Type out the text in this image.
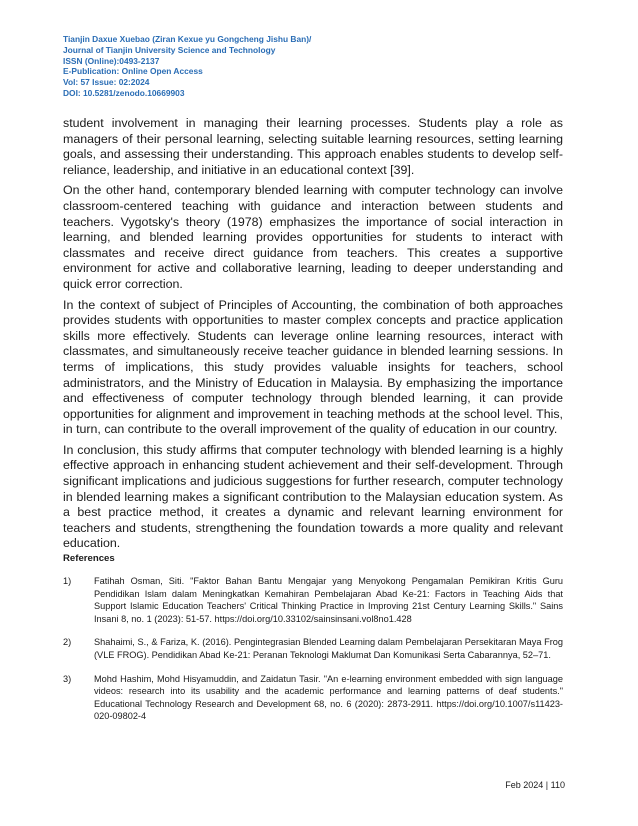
Tianjin Daxue Xuebao (Ziran Kexue yu Gongcheng Jishu Ban)/
Journal of Tianjin University Science and Technology
ISSN (Online):0493-2137
E-Publication: Online Open Access
Vol: 57 Issue: 02:2024
DOI: 10.5281/zenodo.10669903

student involvement in managing their learning processes. Students play a role as managers of their personal learning, selecting suitable learning resources, setting learning goals, and assessing their understanding. This approach enables students to develop self-reliance, leadership, and initiative in an educational context [39].

On the other hand, contemporary blended learning with computer technology can involve classroom-centered teaching with guidance and interaction between students and teachers. Vygotsky's theory (1978) emphasizes the importance of social interaction in learning, and blended learning provides opportunities for students to interact with classmates and receive direct guidance from teachers. This creates a supportive environment for active and collaborative learning, leading to deeper understanding and quick error correction.

In the context of subject of Principles of Accounting, the combination of both approaches provides students with opportunities to master complex concepts and practice application skills more effectively. Students can leverage online learning resources, interact with classmates, and simultaneously receive teacher guidance in blended learning sessions. In terms of implications, this study provides valuable insights for teachers, school administrators, and the Ministry of Education in Malaysia. By emphasizing the importance and effectiveness of computer technology through blended learning, it can provide opportunities for alignment and improvement in teaching methods at the school level. This, in turn, can contribute to the overall improvement of the quality of education in our country.

In conclusion, this study affirms that computer technology with blended learning is a highly effective approach in enhancing student achievement and their self-development. Through significant implications and judicious suggestions for further research, computer technology in blended learning makes a significant contribution to the Malaysian education system. As a best practice method, it creates a dynamic and relevant learning environment for teachers and students, strengthening the foundation towards a more quality and relevant education.

References
1)	Fatihah Osman, Siti. "Faktor Bahan Bantu Mengajar yang Menyokong Pengamalan Pemikiran Kritis Guru Pendidikan Islam dalam Meningkatkan Kemahiran Pembelajaran Abad Ke-21: Factors in Teaching Aids that Support Islamic Education Teachers' Critical Thinking Practice in Improving 21st Century Learning Skills." Sains Insani 8, no. 1 (2023): 51-57. https://doi.org/10.33102/sainsinsani.vol8no1.428
2)	Shahaimi, S., & Fariza, K. (2016). Pengintegrasian Blended Learning dalam Pembelajaran Persekitaran Maya Frog (VLE FROG). Pendidikan Abad Ke-21: Peranan Teknologi Maklumat Dan Komunikasi Serta Cabarannya, 52–71.
3)	Mohd Hashim, Mohd Hisyamuddin, and Zaidatun Tasir. "An e-learning environment embedded with sign language videos: research into its usability and the academic performance and learning patterns of deaf students." Educational Technology Research and Development 68, no. 6 (2020): 2873-2911. https://doi.org/10.1007/s11423-020-09802-4
Feb 2024 | 110
